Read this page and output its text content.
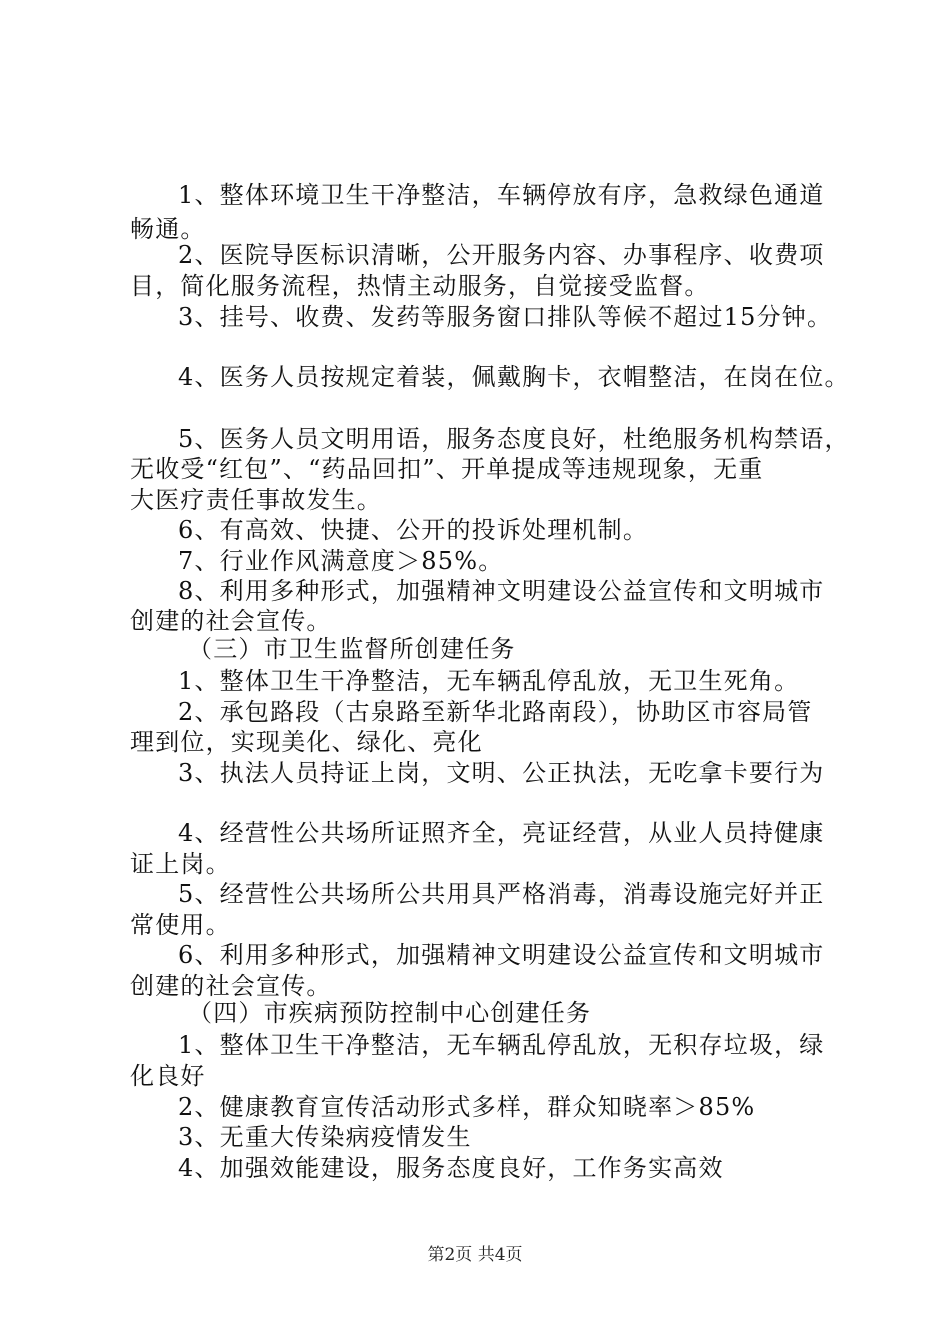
1、整体环境卫生干净整洁，车辆停放有序，急救绿色通道
畅通。
2、医院导医标识清晰，公开服务内容、办事程序、收费项
目，简化服务流程，热情主动服务，自觉接受监督。
3、挂号、收费、发药等服务窗口排队等候不超过15分钟。
4、医务人员按规定着装，佩戴胸卡，衣帽整洁，在岗在位。
5、医务人员文明用语，服务态度良好，杜绝服务机构禁语，
无收受“红包”、“药品回扣”、开单提成等违规现象，无重
大医疗责任事故发生。
6、有高效、快捷、公开的投诉处理机制。
7、行业作风满意度＞85%。
8、利用多种形式，加强精神文明建设公益宣传和文明城市
创建的社会宣传。
（三）市卫生监督所创建任务
1、整体卫生干净整洁，无车辆乱停乱放，无卫生死角。
2、承包路段（古泉路至新华北路南段），协助区市容局管
理到位，实现美化、绿化、亮化
3、执法人员持证上岗，文明、公正执法，无吃拿卡要行为
4、经营性公共场所证照齐全，亮证经营，从业人员持健康
证上岗。
5、经营性公共场所公共用具严格消毒，消毒设施完好并正
常使用。
6、利用多种形式，加强精神文明建设公益宣传和文明城市
创建的社会宣传。
（四）市疾病预防控制中心创建任务
1、整体卫生干净整洁，无车辆乱停乱放，无积存垃圾，绿
化良好
2、健康教育宣传活动形式多样，群众知晓率＞85%
3、无重大传染病疫情发生
4、加强效能建设，服务态度良好，工作务实高效
第2页 共4页
